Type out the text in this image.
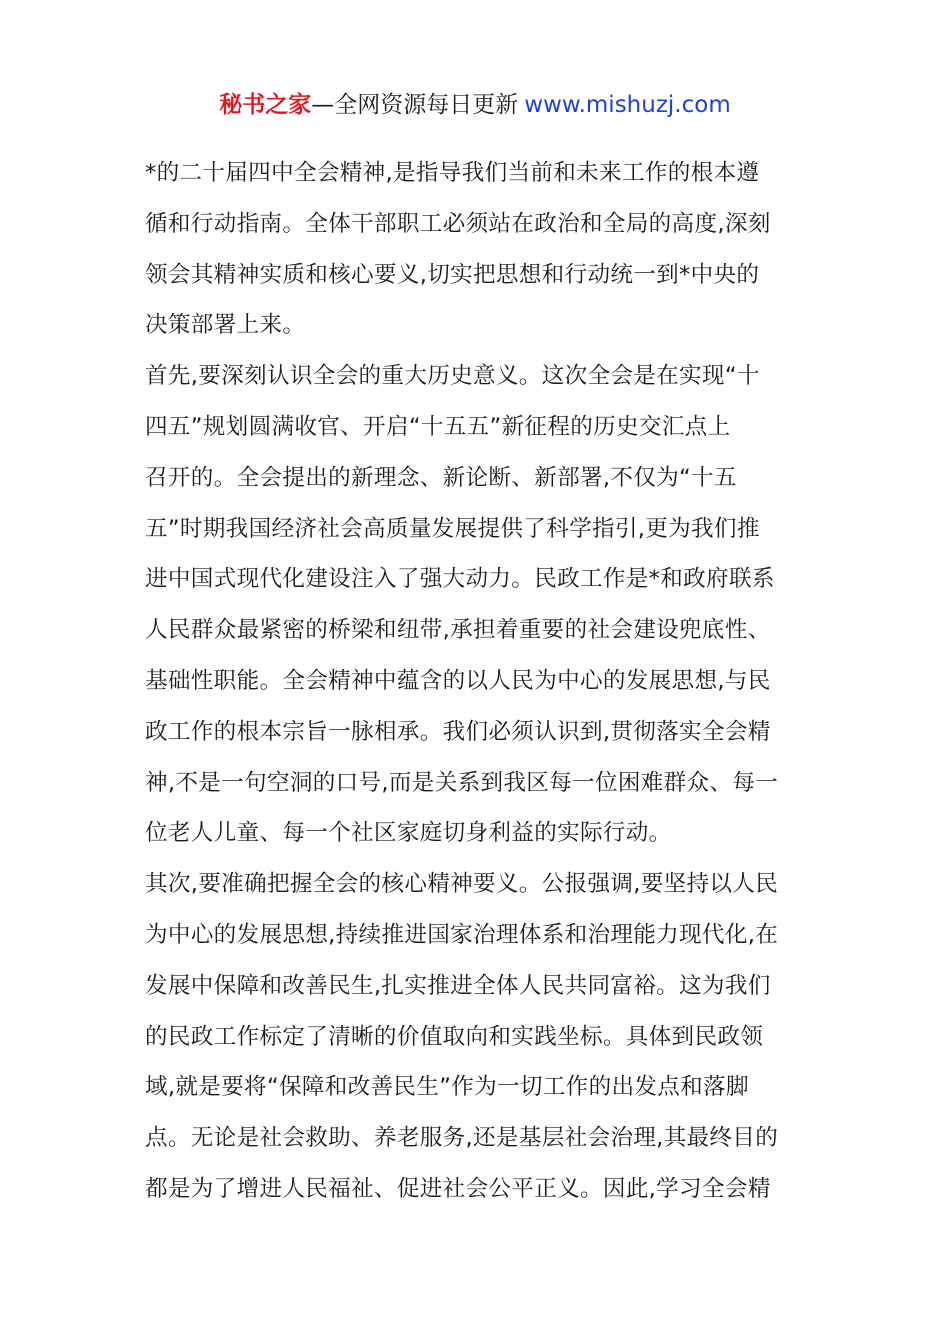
秘书之家—全网资源每日更新 www.mishuzj.com
*的二十届四中全会精神,是指导我们当前和未来工作的根本遵
循和行动指南。全体干部职工必须站在政治和全局的高度,深刻
领会其精神实质和核心要义,切实把思想和行动统一到*中央的
决策部署上来。
首先,要深刻认识全会的重大历史意义。这次全会是在实现“十
四五”规划圆满收官、开启“十五五”新征程的历史交汇点上
召开的。全会提出的新理念、新论断、新部署,不仅为“十五
五”时期我国经济社会高质量发展提供了科学指引,更为我们推
进中国式现代化建设注入了强大动力。民政工作是*和政府联系
人民群众最紧密的桥梁和纽带,承担着重要的社会建设兜底性、
基础性职能。全会精神中蕴含的以人民为中心的发展思想,与民
政工作的根本宗旨一脉相承。我们必须认识到,贯彻落实全会精
神,不是一句空洞的口号,而是关系到我区每一位困难群众、每一
位老人儿童、每一个社区家庭切身利益的实际行动。
其次,要准确把握全会的核心精神要义。公报强调,要坚持以人民
为中心的发展思想,持续推进国家治理体系和治理能力现代化,在
发展中保障和改善民生,扎实推进全体人民共同富裕。这为我们
的民政工作标定了清晰的价值取向和实践坐标。具体到民政领
域,就是要将“保障和改善民生”作为一切工作的出发点和落脚
点。无论是社会救助、养老服务,还是基层社会治理,其最终目的
都是为了增进人民福祉、促进社会公平正义。因此,学习全会精
